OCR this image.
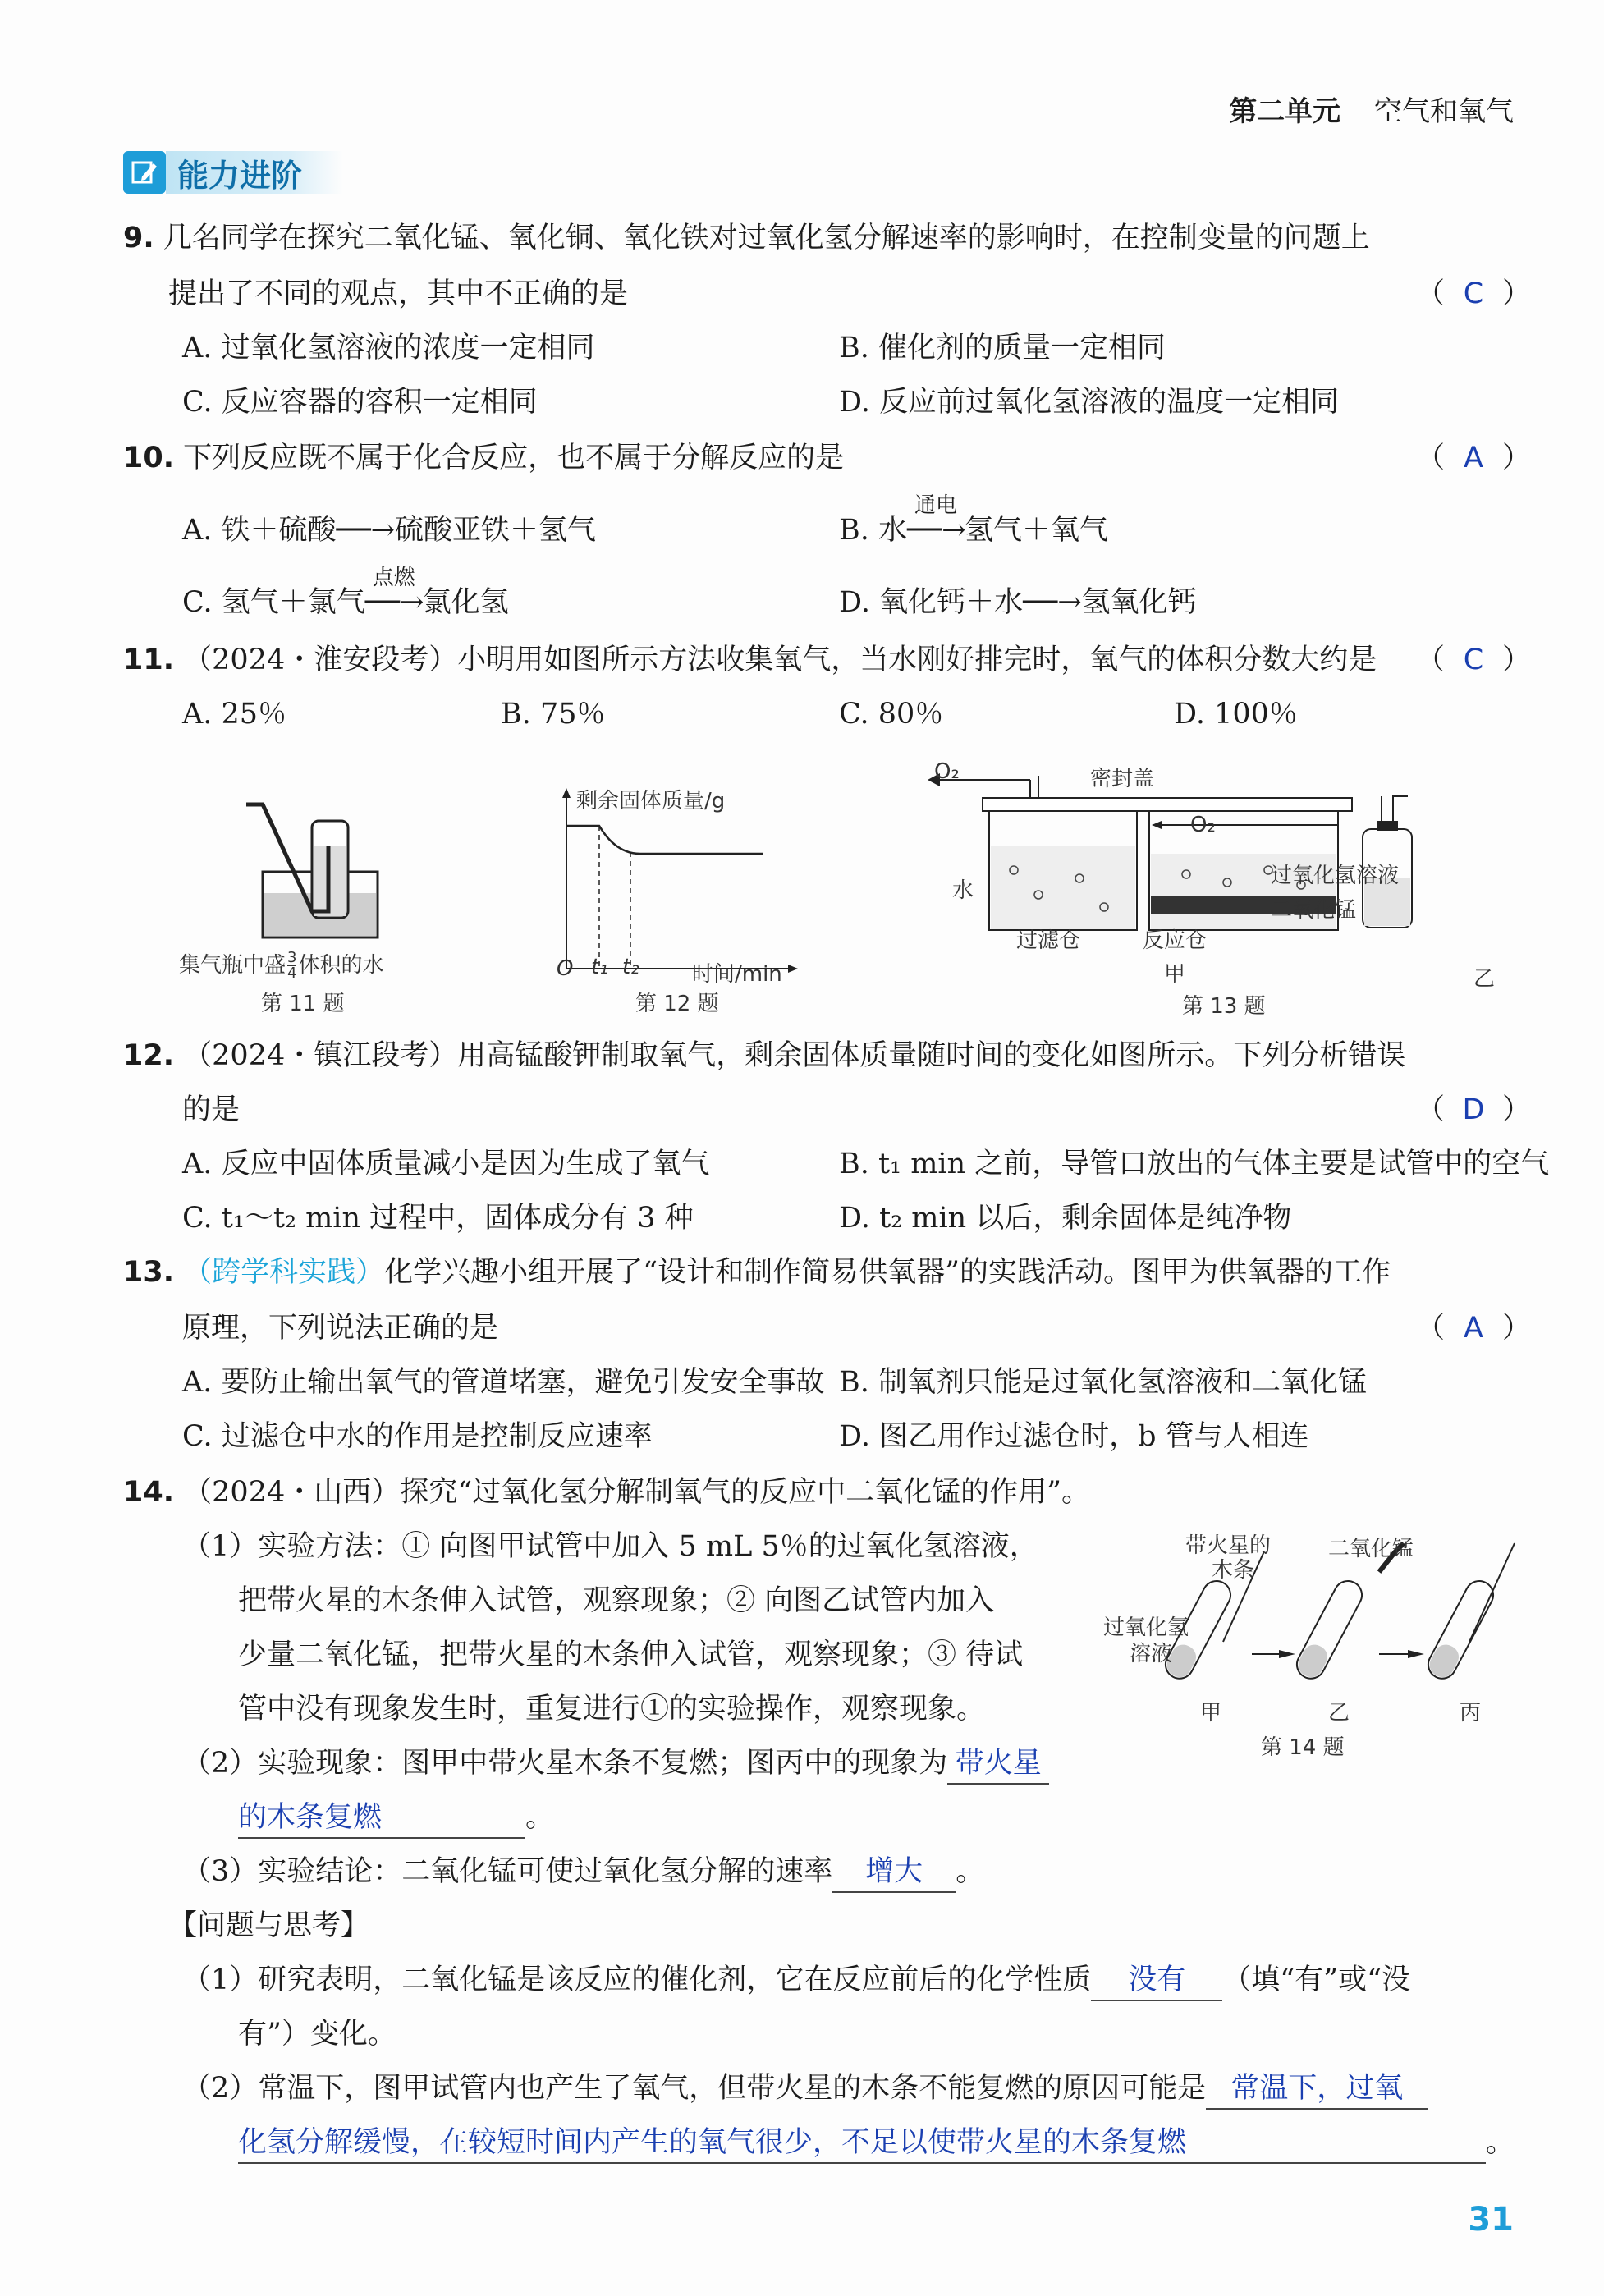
第二单元 空气和氧气
能力进阶
9. 几名同学在探究二氧化锰、氧化铜、氧化铁对过氧化氢分解速率的影响时，在控制变量的问题上
提出了不同的观点，其中不正确的是	（ C ）
A. 过氧化氢溶液的浓度一定相同	B. 催化剂的质量一定相同
C. 反应容器的容积一定相同	D. 反应前过氧化氢溶液的温度一定相同
10. 下列反应既不属于化合反应，也不属于分解反应的是	（ A ）
A. 铁＋硫酸──→硫酸亚铁＋氢气	B. 水
通电
──→氢气＋氧气
C. 氢气＋氯气
点燃
──→氯化氢	D. 氧化钙＋水──→氢氧化钙
11. （2024・淮安段考）小明用如图所示方法收集氧气，当水刚好排完时，氧气的体积分数大约是 （ C ）
A. 25％	B. 75％	C. 80％	D. 100％
集气瓶中盛 $\frac{3}{4}$ 体积的水
第 11 题
剩余固体质量/g
O t₁ t₂ 时间/min
第 12 题
O₂	密封盖
O₂
水
过氧化氢溶液
二氧化锰
过滤仓	反应仓
甲	乙
第 13 题
12. （2024・镇江段考）用高锰酸钾制取氧气，剩余固体质量随时间的变化如图所示。下列分析错误
的是	（ D ）
A. 反应中固体质量减小是因为生成了氧气	B. t₁ min 之前，导管口放出的气体主要是试管中的空气
C. t₁～t₂ min 过程中，固体成分有 3 种	D. t₂ min 以后，剩余固体是纯净物
13. （跨学科实践）化学兴趣小组开展了“设计和制作简易供氧器”的实践活动。图甲为供氧器的工作
原理，下列说法正确的是	（ A ）
A. 要防止输出氧气的管道堵塞，避免引发安全事故 B. 制氧剂只能是过氧化氢溶液和二氧化锰
C. 过滤仓中水的作用是控制反应速率	D. 图乙用作过滤仓时，b 管与人相连
14. （2024・山西）探究“过氧化氢分解制氧气的反应中二氧化锰的作用”。
（1）实验方法：① 向图甲试管中加入 5 mL 5％的过氧化氢溶液，
把带火星的木条伸入试管，观察现象；② 向图乙试管内加入
少量二氧化锰，把带火星的木条伸入试管，观察现象；③ 待试
管中没有现象发生时，重复进行①的实验操作，观察现象。
带火星的
木条
二氧化锰
过氧化氢
溶液
甲	乙	丙
第 14 题
（2）实验现象：图甲中带火星木条不复燃；图丙中的现象为 带火星
的木条复燃	。
（3）实验结论：二氧化锰可使过氧化氢分解的速率 增大 。
【问题与思考】
（1）研究表明，二氧化锰是该反应的催化剂，它在反应前后的化学性质 没有 （填“有”或“没
有”）变化。
（2）常温下，图甲试管内也产生了氧气，但带火星的木条不能复燃的原因可能是 常温下，过氧
化氢分解缓慢，在较短时间内产生的氧气很少，不足以使带火星的木条复燃	。
31
